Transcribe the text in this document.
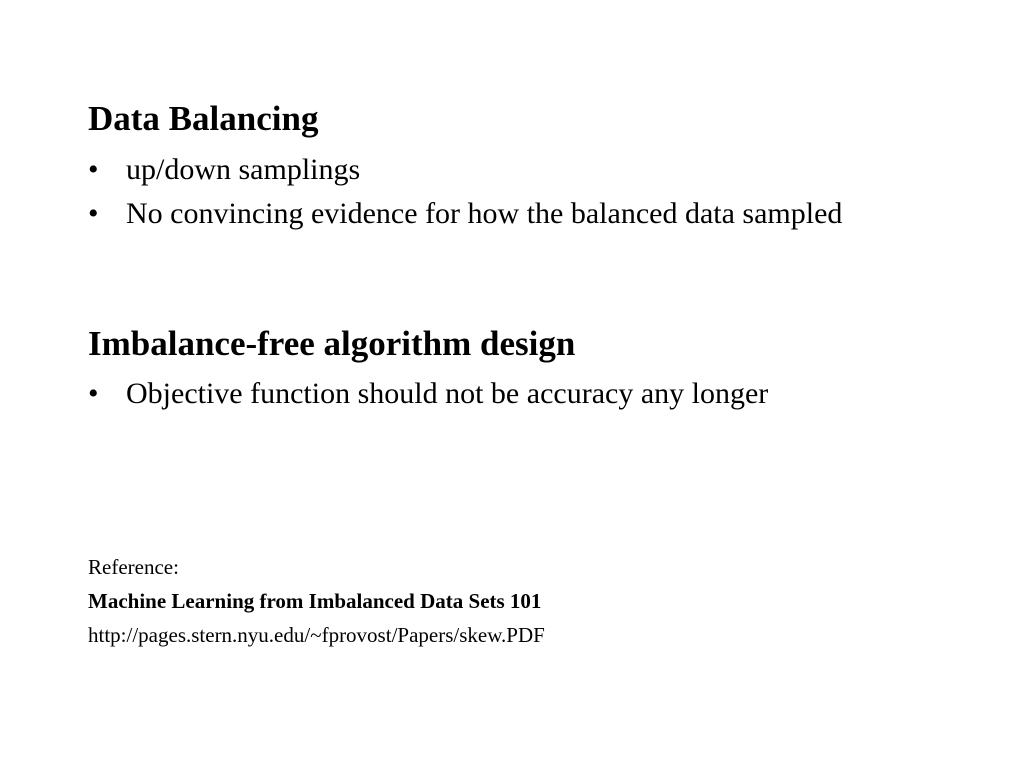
Data Balancing
• up/down samplings
• No convincing evidence for how the balanced data sampled
Imbalance-free algorithm design
• Objective function should not be accuracy any longer
Reference:
Machine Learning from Imbalanced Data Sets 101
http://pages.stern.nyu.edu/~fprovost/Papers/skew.PDF
